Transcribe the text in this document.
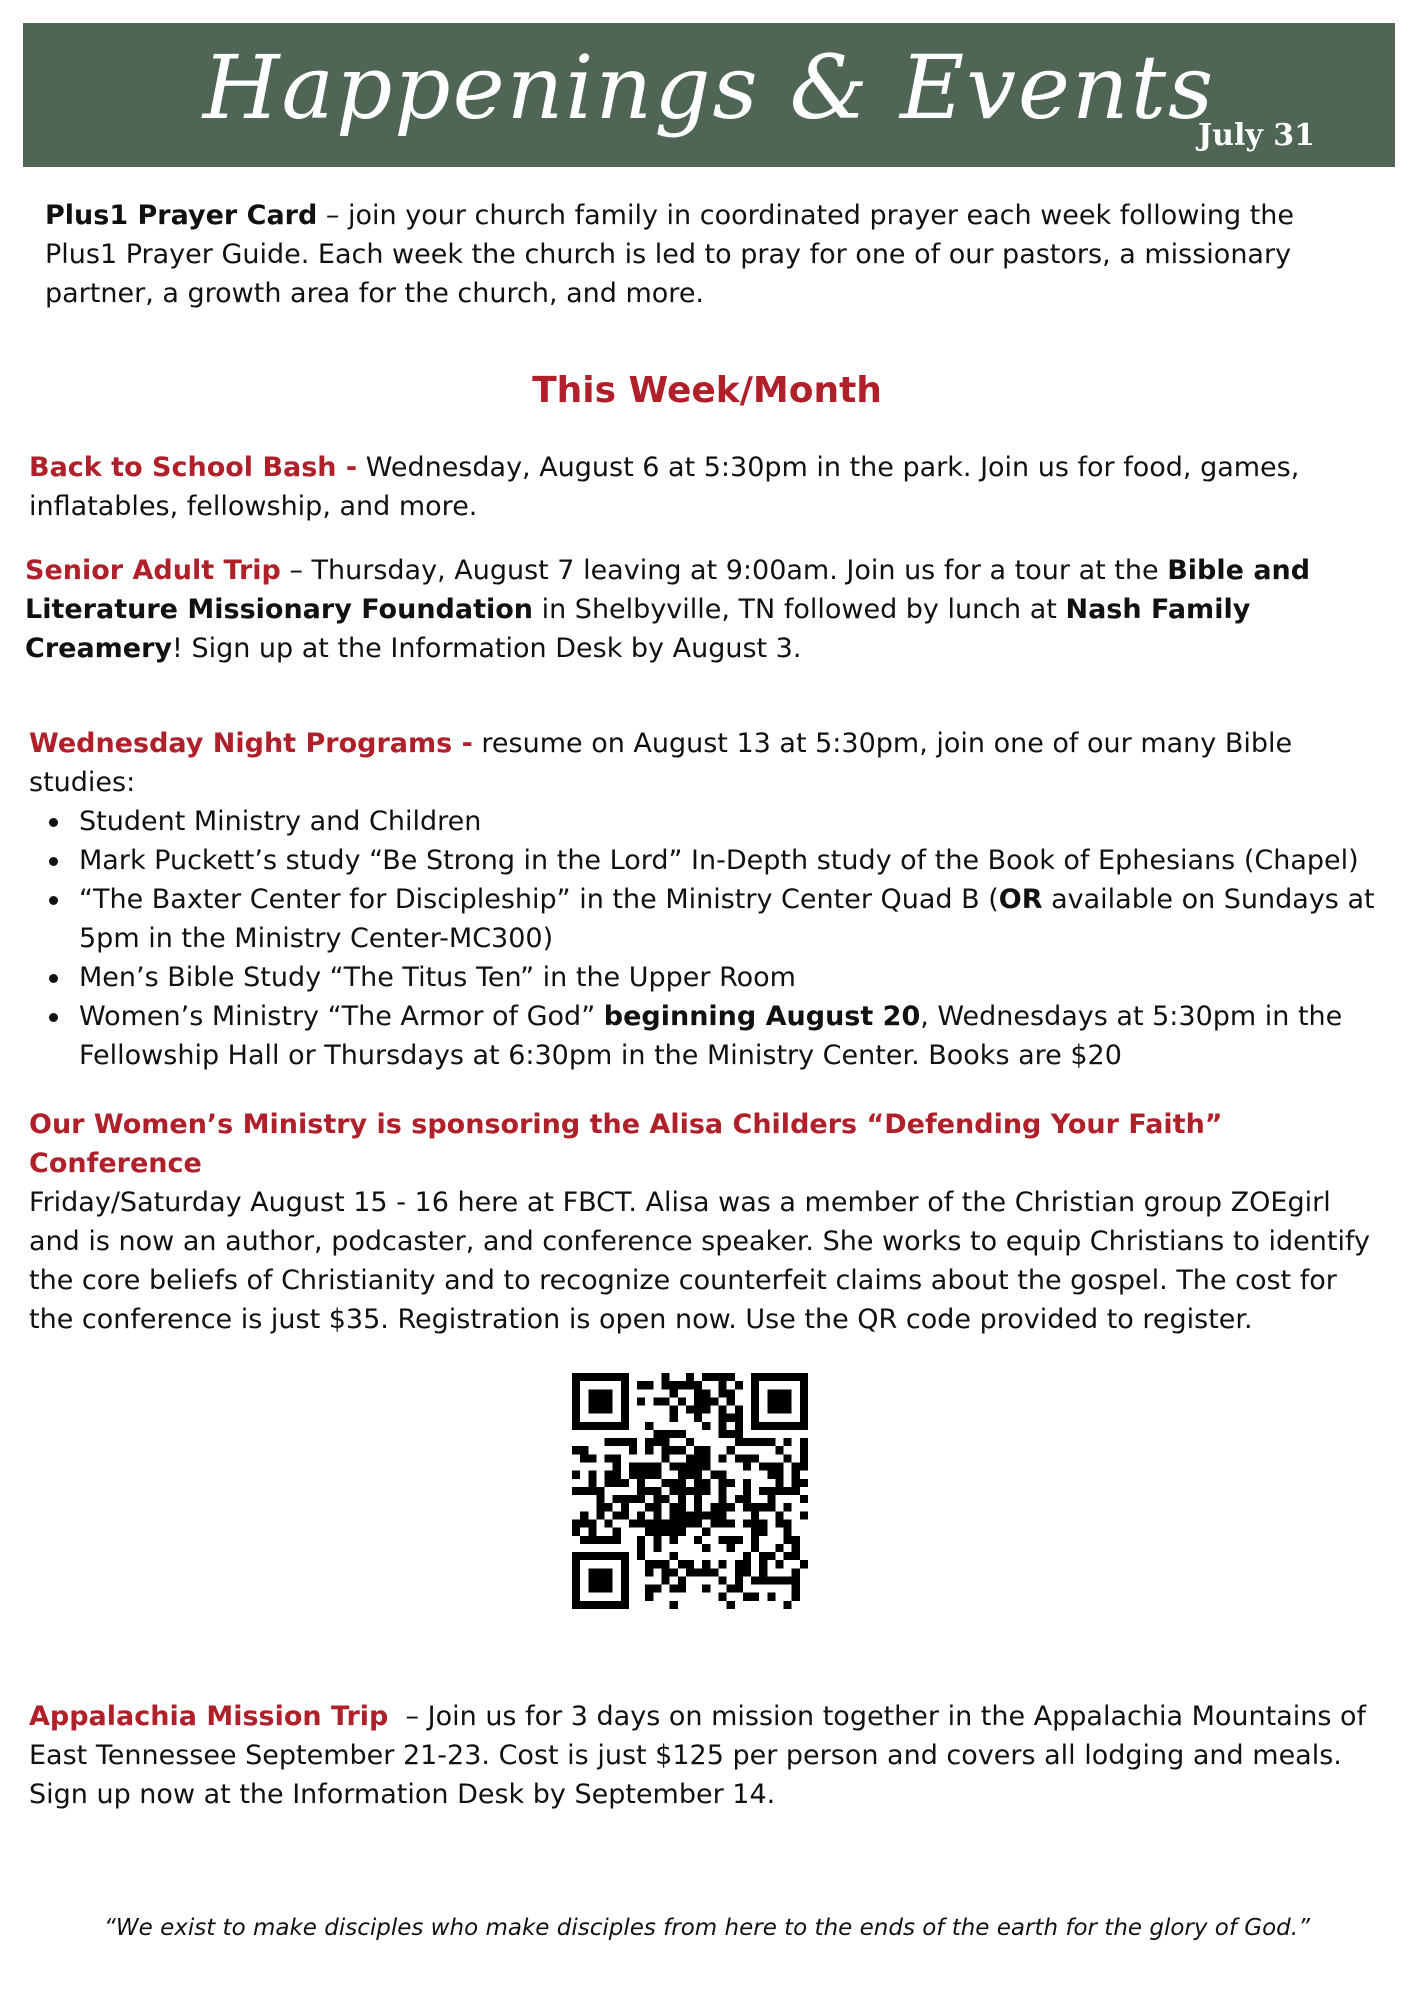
Happenings & Events
July 31
Plus1 Prayer Card – join your church family in coordinated prayer each week following the Plus1 Prayer Guide. Each week the church is led to pray for one of our pastors, a missionary partner, a growth area for the church, and more.
This Week/Month
Back to School Bash - Wednesday, August 6 at 5:30pm in the park. Join us for food, games, inflatables, fellowship, and more.
Senior Adult Trip – Thursday, August 7 leaving at 9:00am. Join us for a tour at the Bible and Literature Missionary Foundation in Shelbyville, TN followed by lunch at Nash Family Creamery! Sign up at the Information Desk by August 3.
Wednesday Night Programs - resume on August 13 at 5:30pm, join one of our many Bible studies:
Student Ministry and Children
Mark Puckett’s study “Be Strong in the Lord” In-Depth study of the Book of Ephesians (Chapel)
“The Baxter Center for Discipleship” in the Ministry Center Quad B (OR available on Sundays at 5pm in the Ministry Center-MC300)
Men’s Bible Study “The Titus Ten” in the Upper Room
Women’s Ministry “The Armor of God” beginning August 20, Wednesdays at 5:30pm in the Fellowship Hall or Thursdays at 6:30pm in the Ministry Center. Books are $20
Our Women’s Ministry is sponsoring the Alisa Childers “Defending Your Faith” Conference
Friday/Saturday August 15 - 16 here at FBCT. Alisa was a member of the Christian group ZOEgirl and is now an author, podcaster, and conference speaker. She works to equip Christians to identify the core beliefs of Christianity and to recognize counterfeit claims about the gospel. The cost for the conference is just $35. Registration is open now. Use the QR code provided to register.
Appalachia Mission Trip  – Join us for 3 days on mission together in the Appalachia Mountains of East Tennessee September 21-23. Cost is just $125 per person and covers all lodging and meals. Sign up now at the Information Desk by September 14.
“We exist to make disciples who make disciples from here to the ends of the earth for the glory of God.”
